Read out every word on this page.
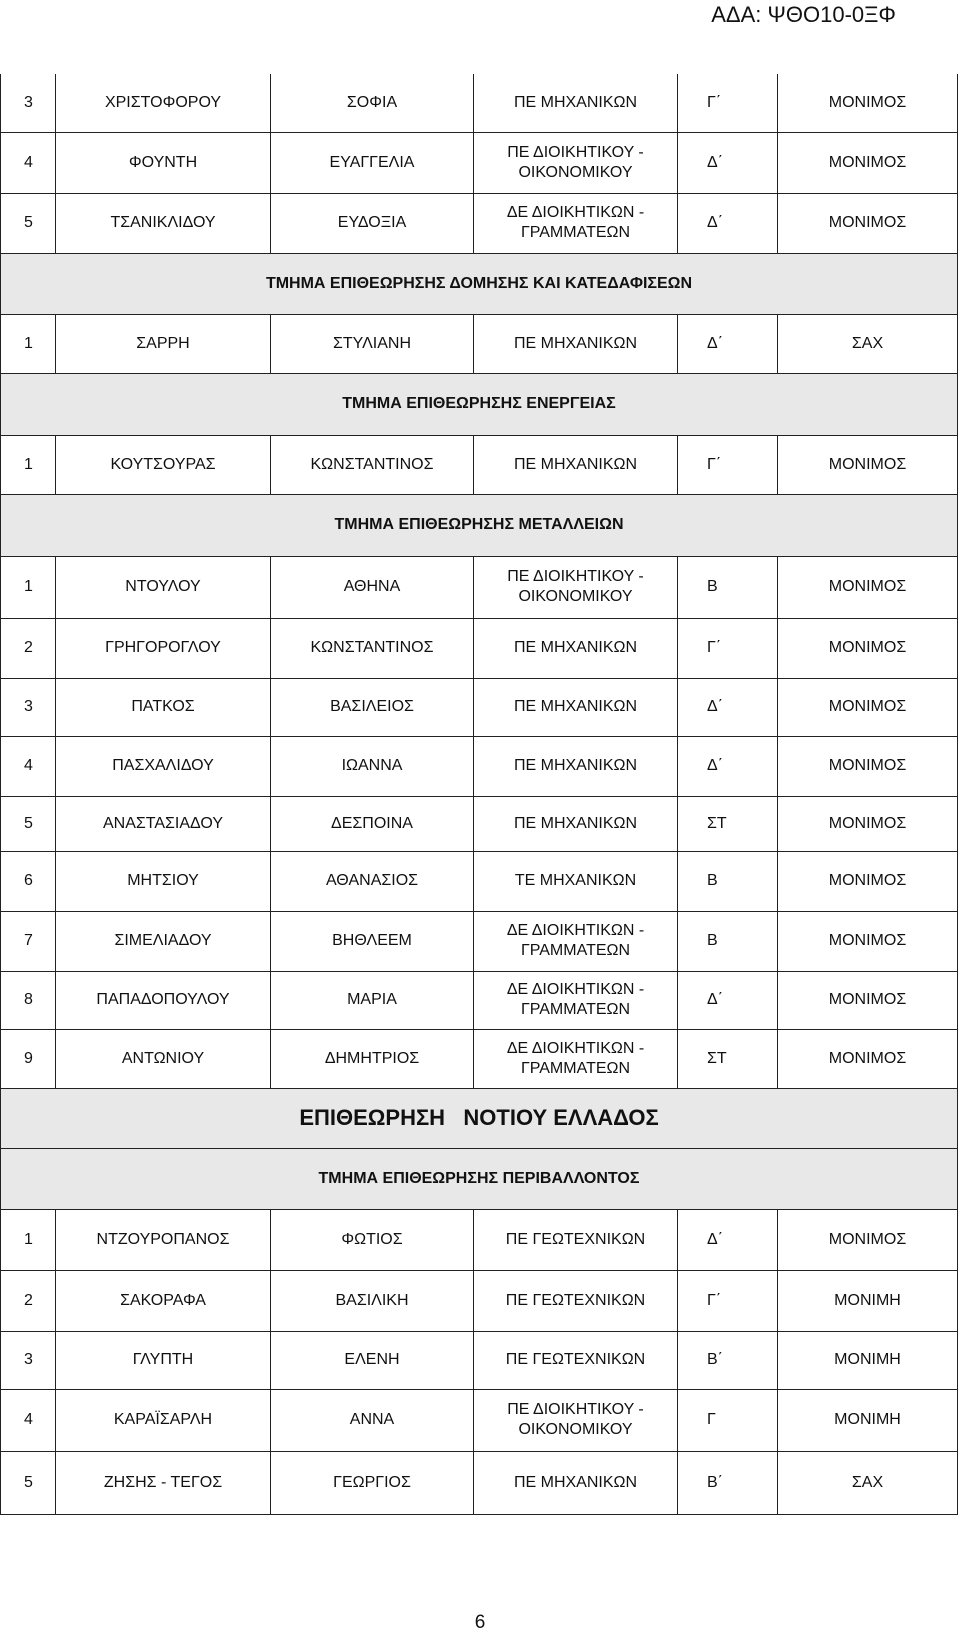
ΑΔΑ: ΨΘΟ10-0ΞΦ
3	ΧΡΙΣΤΟΦΟΡΟΥ	ΣΟΦΙΑ	ΠΕ ΜΗΧΑΝΙΚΩΝ	Γ΄	ΜΟΝΙΜΟΣ
4	ΦΟΥΝΤΗ	ΕΥΑΓΓΕΛΙΑ	ΠΕ ΔΙΟΙΚΗΤΙΚΟΥ - ΟΙΚΟΝΟΜΙΚΟΥ	Δ΄	ΜΟΝΙΜΟΣ
5	ΤΣΑΝΙΚΛΙΔΟΥ	ΕΥΔΟΞΙΑ	ΔΕ ΔΙΟΙΚΗΤΙΚΩΝ - ΓΡΑΜΜΑΤΕΩΝ	Δ΄	ΜΟΝΙΜΟΣ
ΤΜΗΜΑ ΕΠΙΘΕΩΡΗΣΗΣ ΔΟΜΗΣΗΣ ΚΑΙ ΚΑΤΕΔΑΦΙΣΕΩΝ					
1	ΣΑΡΡΗ	ΣΤΥΛΙΑΝΗ	ΠΕ ΜΗΧΑΝΙΚΩΝ	Δ΄	ΣΑΧ
ΤΜΗΜΑ ΕΠΙΘΕΩΡΗΣΗΣ ΕΝΕΡΓΕΙΑΣ					
1	ΚΟΥΤΣΟΥΡΑΣ	ΚΩΝΣΤΑΝΤΙΝΟΣ	ΠΕ ΜΗΧΑΝΙΚΩΝ	Γ΄	ΜΟΝΙΜΟΣ
ΤΜΗΜΑ ΕΠΙΘΕΩΡΗΣΗΣ ΜΕΤΑΛΛΕΙΩΝ					
1	ΝΤΟΥΛΟΥ	ΑΘΗΝΑ	ΠΕ ΔΙΟΙΚΗΤΙΚΟΥ - ΟΙΚΟΝΟΜΙΚΟΥ	Β	ΜΟΝΙΜΟΣ
2	ΓΡΗΓΟΡΟΓΛΟΥ	ΚΩΝΣΤΑΝΤΙΝΟΣ	ΠΕ ΜΗΧΑΝΙΚΩΝ	Γ΄	ΜΟΝΙΜΟΣ
3	ΠΑΤΚΟΣ	ΒΑΣΙΛΕΙΟΣ	ΠΕ ΜΗΧΑΝΙΚΩΝ	Δ΄	ΜΟΝΙΜΟΣ
4	ΠΑΣΧΑΛΙΔΟΥ	ΙΩΑΝΝΑ	ΠΕ ΜΗΧΑΝΙΚΩΝ	Δ΄	ΜΟΝΙΜΟΣ
5	ΑΝΑΣΤΑΣΙΑΔΟΥ	ΔΕΣΠΟΙΝΑ	ΠΕ ΜΗΧΑΝΙΚΩΝ	ΣΤ	ΜΟΝΙΜΟΣ
6	ΜΗΤΣΙΟΥ	ΑΘΑΝΑΣΙΟΣ	ΤΕ ΜΗΧΑΝΙΚΩΝ	Β	ΜΟΝΙΜΟΣ
7	ΣΙΜΕΛΙΑΔΟΥ	ΒΗΘΛΕΕΜ	ΔΕ ΔΙΟΙΚΗΤΙΚΩΝ - ΓΡΑΜΜΑΤΕΩΝ	Β	ΜΟΝΙΜΟΣ
8	ΠΑΠΑΔΟΠΟΥΛΟΥ	ΜΑΡΙΑ	ΔΕ ΔΙΟΙΚΗΤΙΚΩΝ - ΓΡΑΜΜΑΤΕΩΝ	Δ΄	ΜΟΝΙΜΟΣ
9	ΑΝΤΩΝΙΟΥ	ΔΗΜΗΤΡΙΟΣ	ΔΕ ΔΙΟΙΚΗΤΙΚΩΝ - ΓΡΑΜΜΑΤΕΩΝ	ΣΤ	ΜΟΝΙΜΟΣ
ΕΠΙΘΕΩΡΗΣΗ   ΝΟΤΙΟΥ ΕΛΛΑΔΟΣ					
ΤΜΗΜΑ ΕΠΙΘΕΩΡΗΣΗΣ ΠΕΡΙΒΑΛΛΟΝΤΟΣ					
1	ΝΤΖΟΥΡΟΠΑΝΟΣ	ΦΩΤΙΟΣ	ΠΕ ΓΕΩΤΕΧΝΙΚΩΝ	Δ΄	ΜΟΝΙΜΟΣ
2	ΣΑΚΟΡΑΦΑ	ΒΑΣΙΛΙΚΗ	ΠΕ ΓΕΩΤΕΧΝΙΚΩΝ	Γ΄	ΜΟΝΙΜΗ
3	ΓΛΥΠΤΗ	ΕΛΕΝΗ	ΠΕ ΓΕΩΤΕΧΝΙΚΩΝ	Β΄	ΜΟΝΙΜΗ
4	ΚΑΡΑΪΣΑΡΛΗ	ΑΝΝΑ	ΠΕ ΔΙΟΙΚΗΤΙΚΟΥ - ΟΙΚΟΝΟΜΙΚΟΥ	Γ	ΜΟΝΙΜΗ
5	ΖΗΣΗΣ - ΤΕΓΟΣ	ΓΕΩΡΓΙΟΣ	ΠΕ ΜΗΧΑΝΙΚΩΝ	Β΄	ΣΑΧ
6
